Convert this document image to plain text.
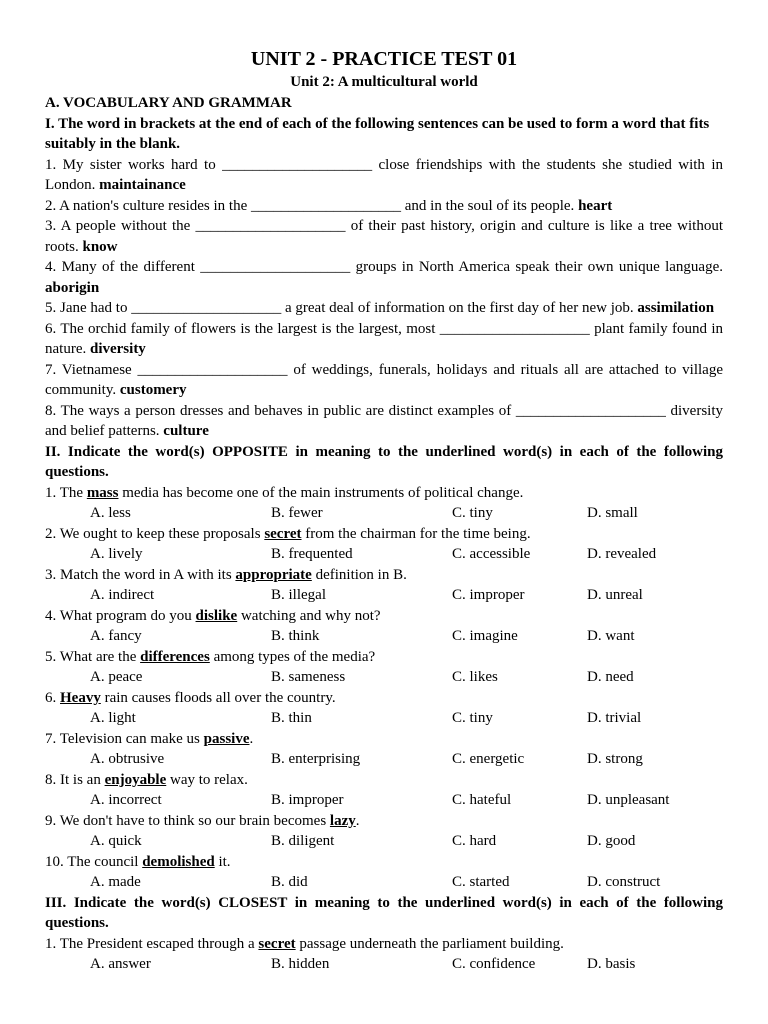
UNIT 2 - PRACTICE TEST 01
Unit 2: A multicultural world
A. VOCABULARY AND GRAMMAR
I. The word in brackets at the end of each of the following sentences can be used to form a word that fits suitably in the blank.
1. My sister works hard to ____________________ close friendships with the students she studied with in London. maintainance
2. A nation's culture resides in the ____________________ and in the soul of its people. heart
3. A people without the ____________________ of their past history, origin and culture is like a tree without roots. know
4. Many of the different ____________________ groups in North America speak their own unique language. aborigin
5. Jane had to ____________________ a great deal of information on the first day of her new job. assimilation
6. The orchid family of flowers is the largest is the largest, most ____________________ plant family found in nature. diversity
7. Vietnamese ____________________ of weddings, funerals, holidays and rituals all are attached to village community. customery
8. The ways a person dresses and behaves in public are distinct examples of ____________________ diversity and belief patterns. culture
II. Indicate the word(s) OPPOSITE in meaning to the underlined word(s) in each of the following questions.
1. The mass media has become one of the main instruments of political change.
A. less	B. fewer	C. tiny	D. small
2. We ought to keep these proposals secret from the chairman for the time being.
A. lively	B. frequented	C. accessible	D. revealed
3. Match the word in A with its appropriate definition in B.
A. indirect	B. illegal	C. improper	D. unreal
4. What program do you dislike watching and why not?
A. fancy	B. think	C. imagine	D. want
5. What are the differences among types of the media?
A. peace	B. sameness	C. likes	D. need
6. Heavy rain causes floods all over the country.
A. light	B. thin	C. tiny	D. trivial
7. Television can make us passive.
A. obtrusive	B. enterprising	C. energetic	D. strong
8. It is an enjoyable way to relax.
A. incorrect	B. improper	C. hateful	D. unpleasant
9. We don't have to think so our brain becomes lazy.
A. quick	B. diligent	C. hard	D. good
10. The council demolished it.
A. made	B. did	C. started	D. construct
III. Indicate the word(s) CLOSEST in meaning to the underlined word(s) in each of the following questions.
1. The President escaped through a secret passage underneath the parliament building.
A. answer	B. hidden	C. confidence	D. basis
